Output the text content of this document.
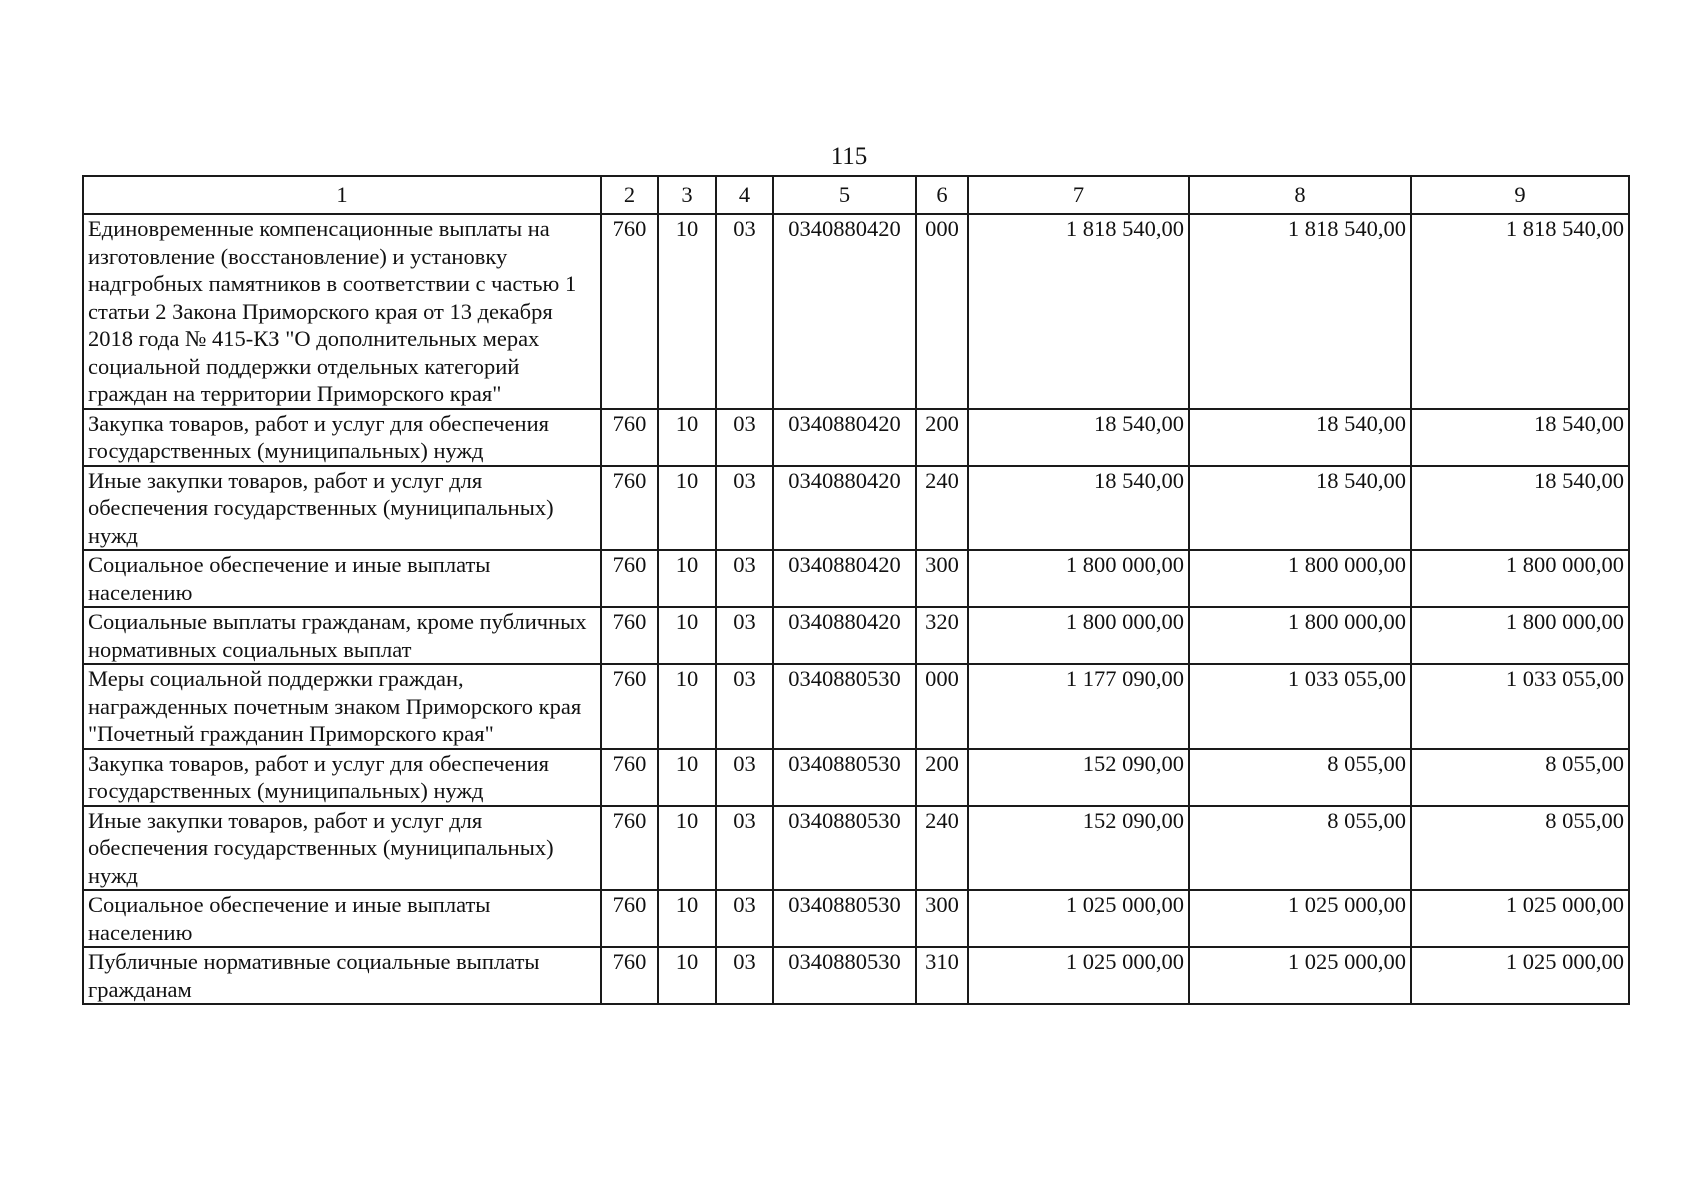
115
1	2	3	4	5	6	7	8	9
Единовременные компенсационные выплаты на изготовление (восстановление) и установку надгробных памятников в соответствии с частью 1 статьи 2 Закона Приморского края от 13 декабря 2018 года № 415-КЗ "О дополнительных мерах социальной поддержки отдельных категорий граждан на территории Приморского края"	760	10	03	0340880420	000	1 818 540,00	1 818 540,00	1 818 540,00
Закупка товаров, работ и услуг для обеспечения государственных (муниципальных) нужд	760	10	03	0340880420	200	18 540,00	18 540,00	18 540,00
Иные закупки товаров, работ и услуг для обеспечения государственных (муниципальных) нужд	760	10	03	0340880420	240	18 540,00	18 540,00	18 540,00
Социальное обеспечение и иные выплаты населению	760	10	03	0340880420	300	1 800 000,00	1 800 000,00	1 800 000,00
Социальные выплаты гражданам, кроме публичных нормативных социальных выплат	760	10	03	0340880420	320	1 800 000,00	1 800 000,00	1 800 000,00
Меры социальной поддержки граждан, награжденных почетным знаком Приморского края "Почетный гражданин Приморского края"	760	10	03	0340880530	000	1 177 090,00	1 033 055,00	1 033 055,00
Закупка товаров, работ и услуг для обеспечения государственных (муниципальных) нужд	760	10	03	0340880530	200	152 090,00	8 055,00	8 055,00
Иные закупки товаров, работ и услуг для обеспечения государственных (муниципальных) нужд	760	10	03	0340880530	240	152 090,00	8 055,00	8 055,00
Социальное обеспечение и иные выплаты населению	760	10	03	0340880530	300	1 025 000,00	1 025 000,00	1 025 000,00
Публичные нормативные социальные выплаты гражданам	760	10	03	0340880530	310	1 025 000,00	1 025 000,00	1 025 000,00
